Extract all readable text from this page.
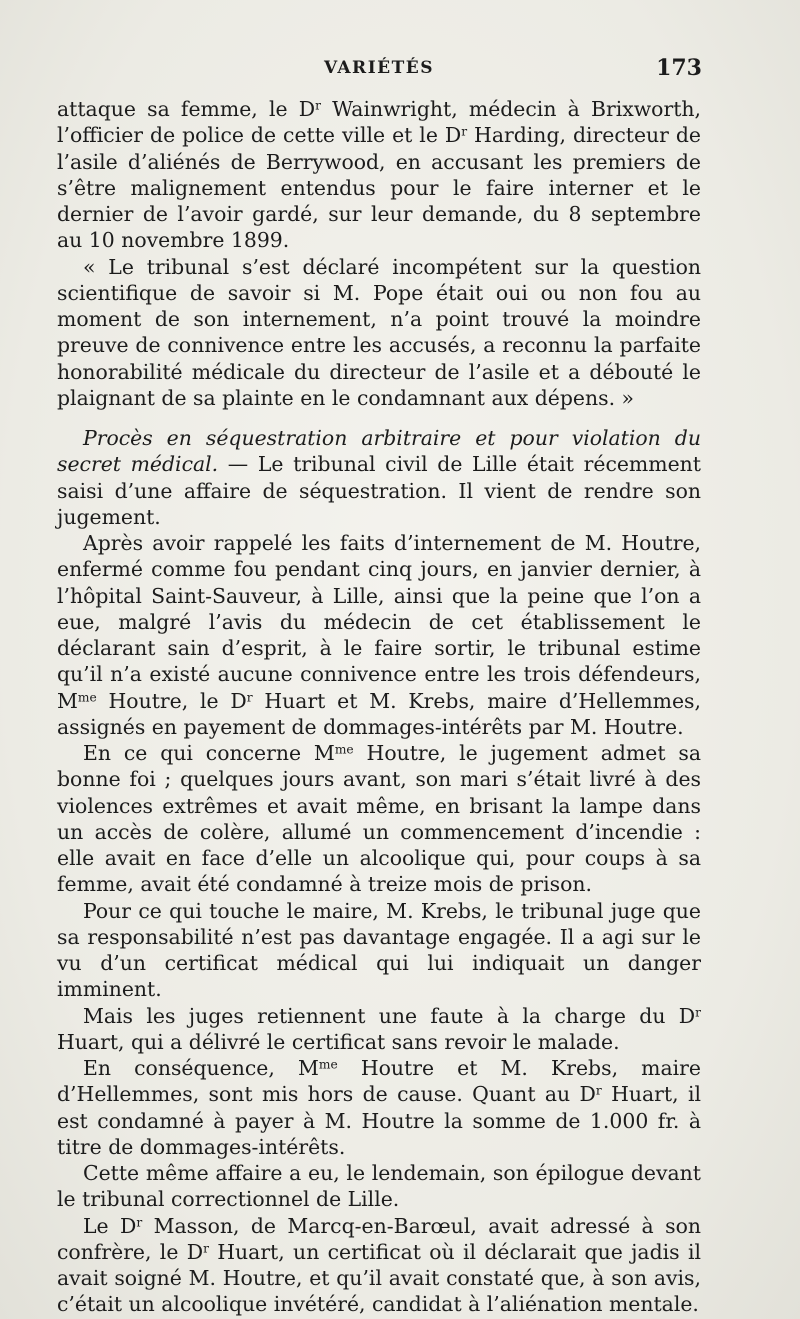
VARIÉTÉS	173

attaque sa femme, le $D^r$ Wainwright, médecin à Brixworth, l’officier de police de cette ville et le $D^r$ Harding, directeur de l’asile d’aliénés de Berrywood, en accusant les premiers de s’être malignement entendus pour le faire interner et le dernier de l’avoir gardé, sur leur demande, du 8 septembre au 10 novembre 1899.

« Le tribunal s’est déclaré incompétent sur la question scientifique de savoir si M. Pope était oui ou non fou au moment de son internement, n’a point trouvé la moindre preuve de connivence entre les accusés, a reconnu la parfaite honorabilité médicale du directeur de l’asile et a débouté le plaignant de sa plainte en le condamnant aux dépens. »

Procès en séquestration arbitraire et pour violation du secret médical. — Le tribunal civil de Lille était récemment saisi d’une affaire de séquestration. Il vient de rendre son jugement.

Après avoir rappelé les faits d’internement de M. Houtre, enfermé comme fou pendant cinq jours, en janvier dernier, à l’hôpital Saint-Sauveur, à Lille, ainsi que la peine que l’on a eue, malgré l’avis du médecin de cet établissement le déclarant sain d’esprit, à le faire sortir, le tribunal estime qu’il n’a existé aucune connivence entre les trois défendeurs, $M^{me}$ Houtre, le $D^r$ Huart et M. Krebs, maire d’Hellemmes, assignés en payement de dommages-intérêts par M. Houtre.

En ce qui concerne $M^{me}$ Houtre, le jugement admet sa bonne foi ; quelques jours avant, son mari s’était livré à des violences extrêmes et avait même, en brisant la lampe dans un accès de colère, allumé un commencement d’incendie : elle avait en face d’elle un alcoolique qui, pour coups à sa femme, avait été condamné à treize mois de prison.

Pour ce qui touche le maire, M. Krebs, le tribunal juge que sa responsabilité n’est pas davantage engagée. Il a agi sur le vu d’un certificat médical qui lui indiquait un danger imminent.

Mais les juges retiennent une faute à la charge du $D^r$ Huart, qui a délivré le certificat sans revoir le malade.

En conséquence, $M^{me}$ Houtre et M. Krebs, maire d’Hellemmes, sont mis hors de cause. Quant au $D^r$ Huart, il est condamné à payer à M. Houtre la somme de 1.000 fr. à titre de dommages-intérêts.

Cette même affaire a eu, le lendemain, son épilogue devant le tribunal correctionnel de Lille.

Le $D^r$ Masson, de Marcq-en-Barœul, avait adressé à son confrère, le $D^r$ Huart, un certificat où il déclarait que jadis il avait soigné M. Houtre, et qu’il avait constaté que, à son avis, c’était un alcoolique invétéré, candidat à l’aliénation mentale.
